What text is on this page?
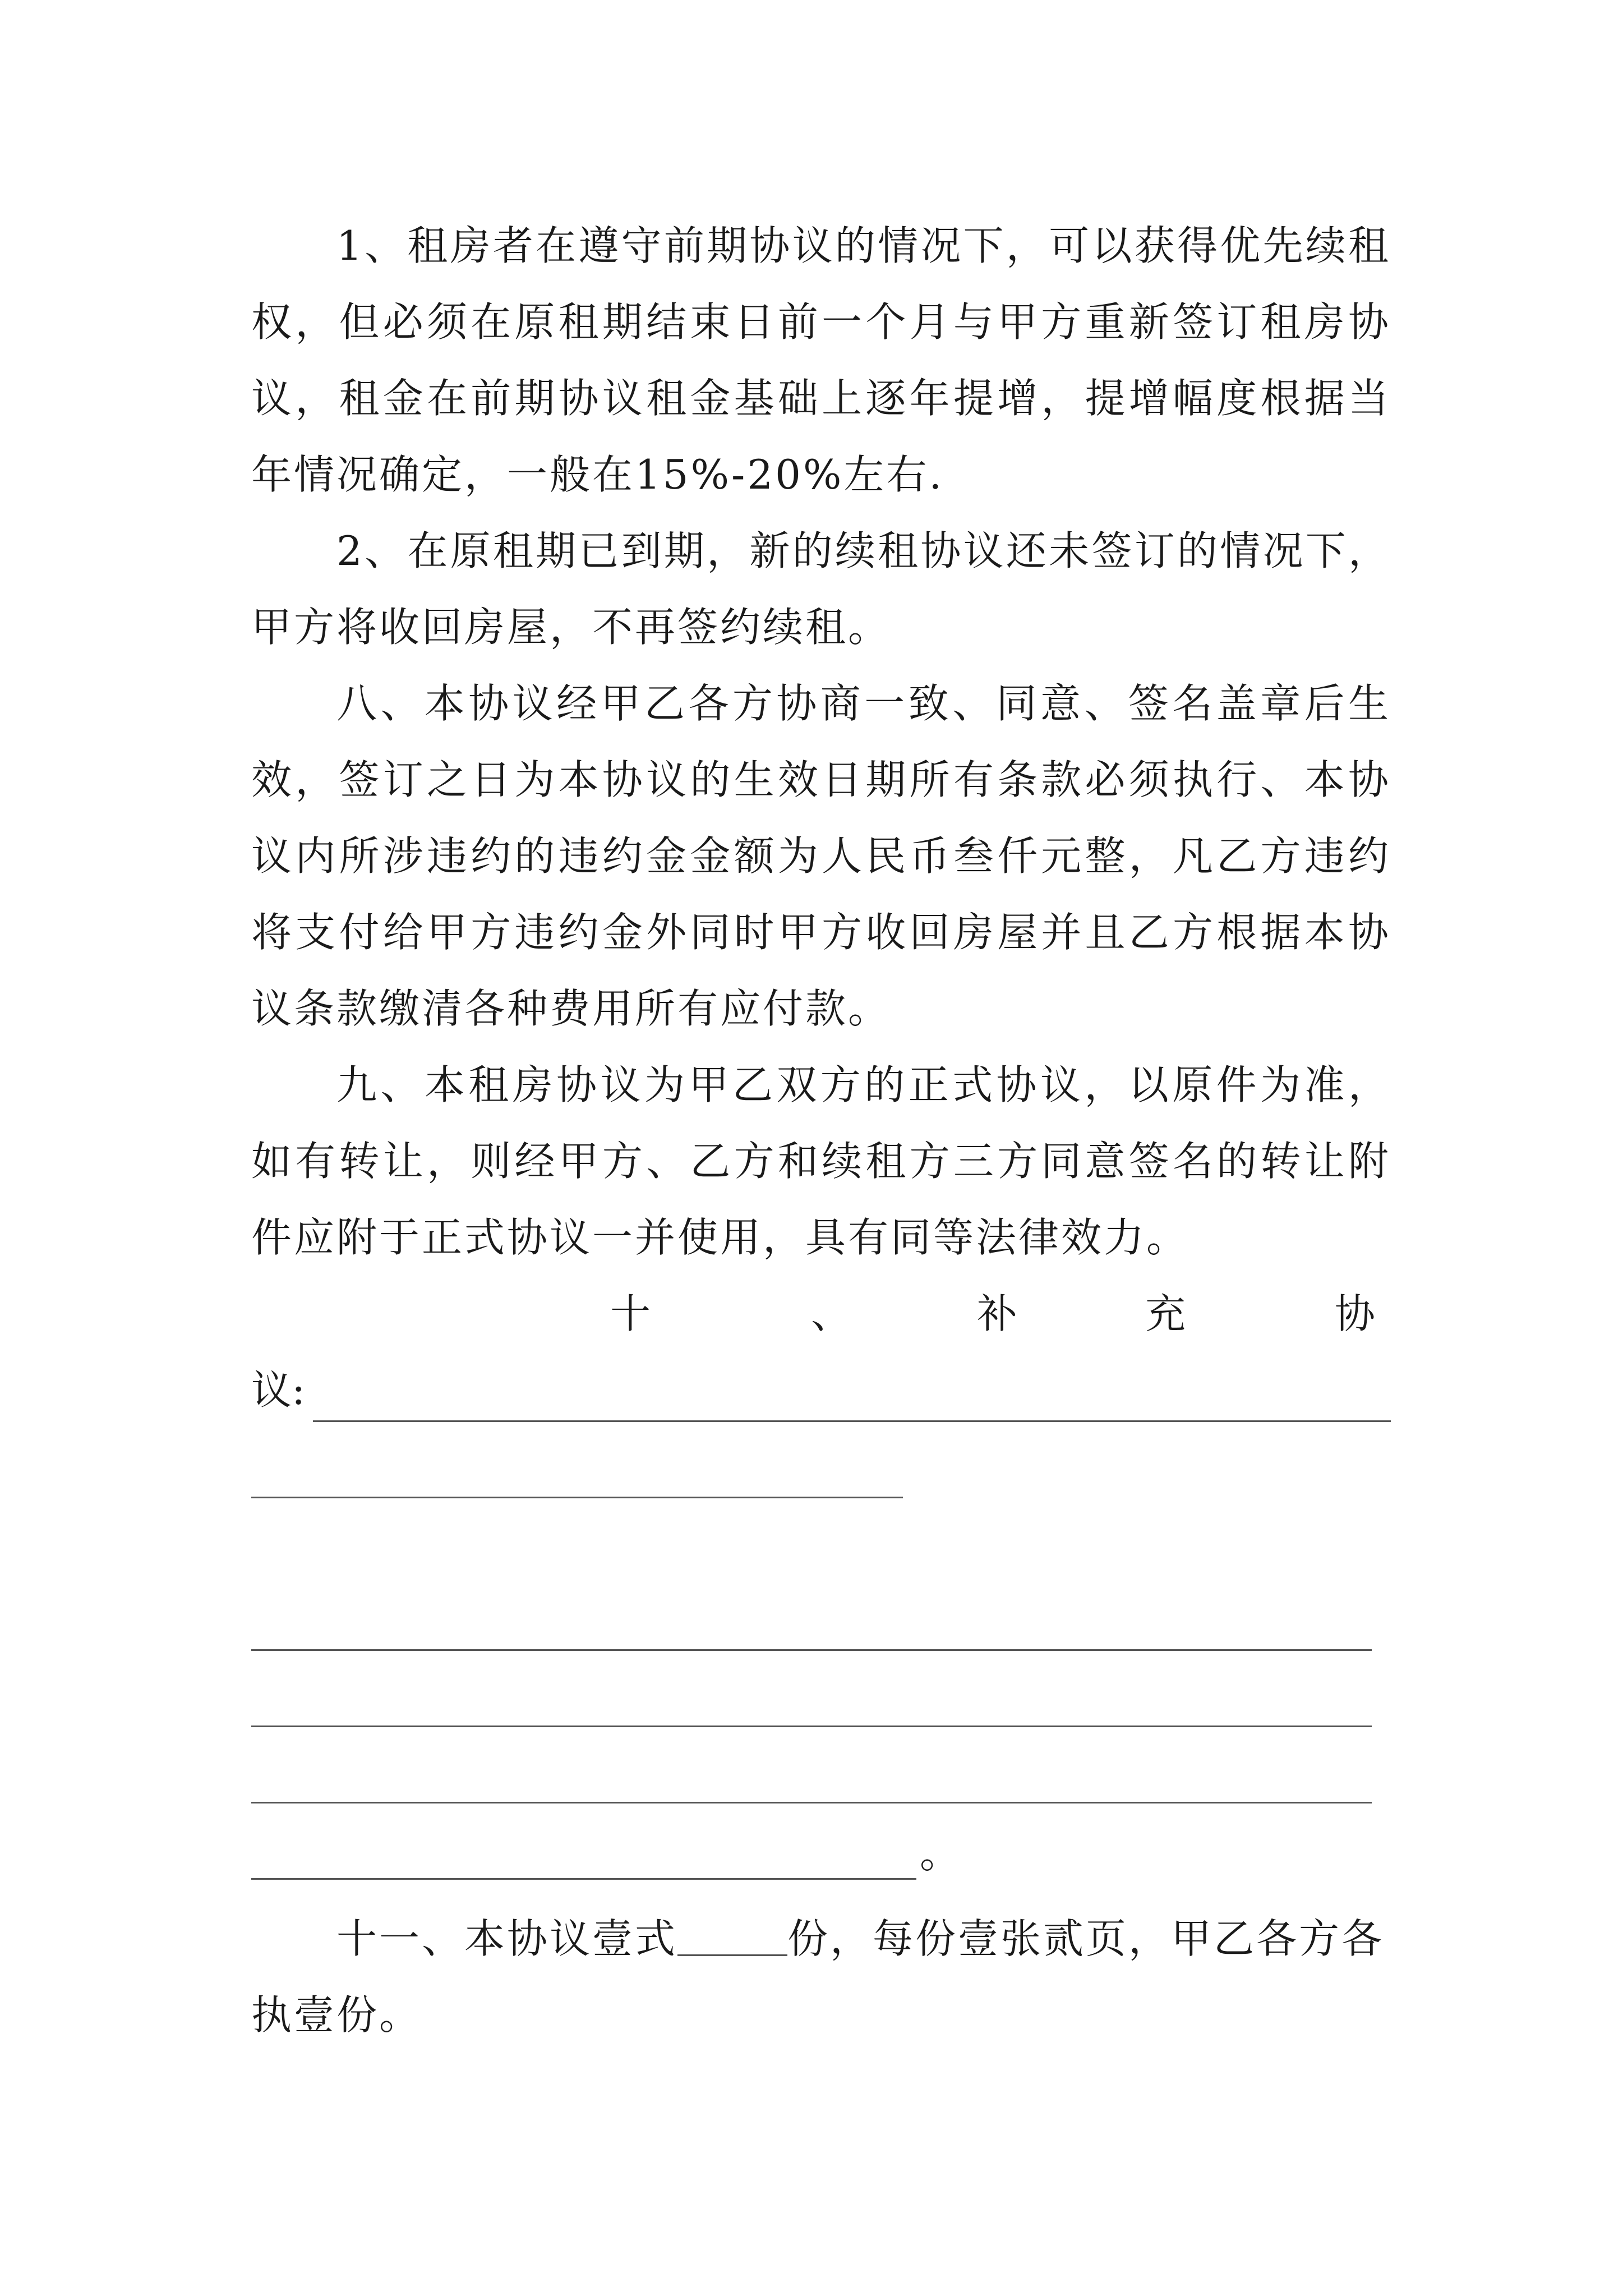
1、租房者在遵守前期协议的情况下，可以获得优先续租权，但必须在原租期结束日前一个月与甲方重新签订租房协议，租金在前期协议租金基础上逐年提增，提增幅度根据当年情况确定，一般在15%-20%左右.

2、在原租期已到期，新的续租协议还未签订的情况下，甲方将收回房屋，不再签约续租。

八、本协议经甲乙各方协商一致、同意、签名盖章后生效，签订之日为本协议的生效日期所有条款必须执行、本协议内所涉违约的违约金金额为人民币叁仟元整，凡乙方违约将支付给甲方违约金外同时甲方收回房屋并且乙方根据本协议条款缴清各种费用所有应付款。

九、本租房协议为甲乙双方的正式协议，以原件为准，如有转让，则经甲方、乙方和续租方三方同意签名的转让附件应附于正式协议一并使用，具有同等法律效力。

十	、	补	充	协
议:
。

十一、本协议壹式	份，每份壹张贰页，甲乙各方各执壹份。
